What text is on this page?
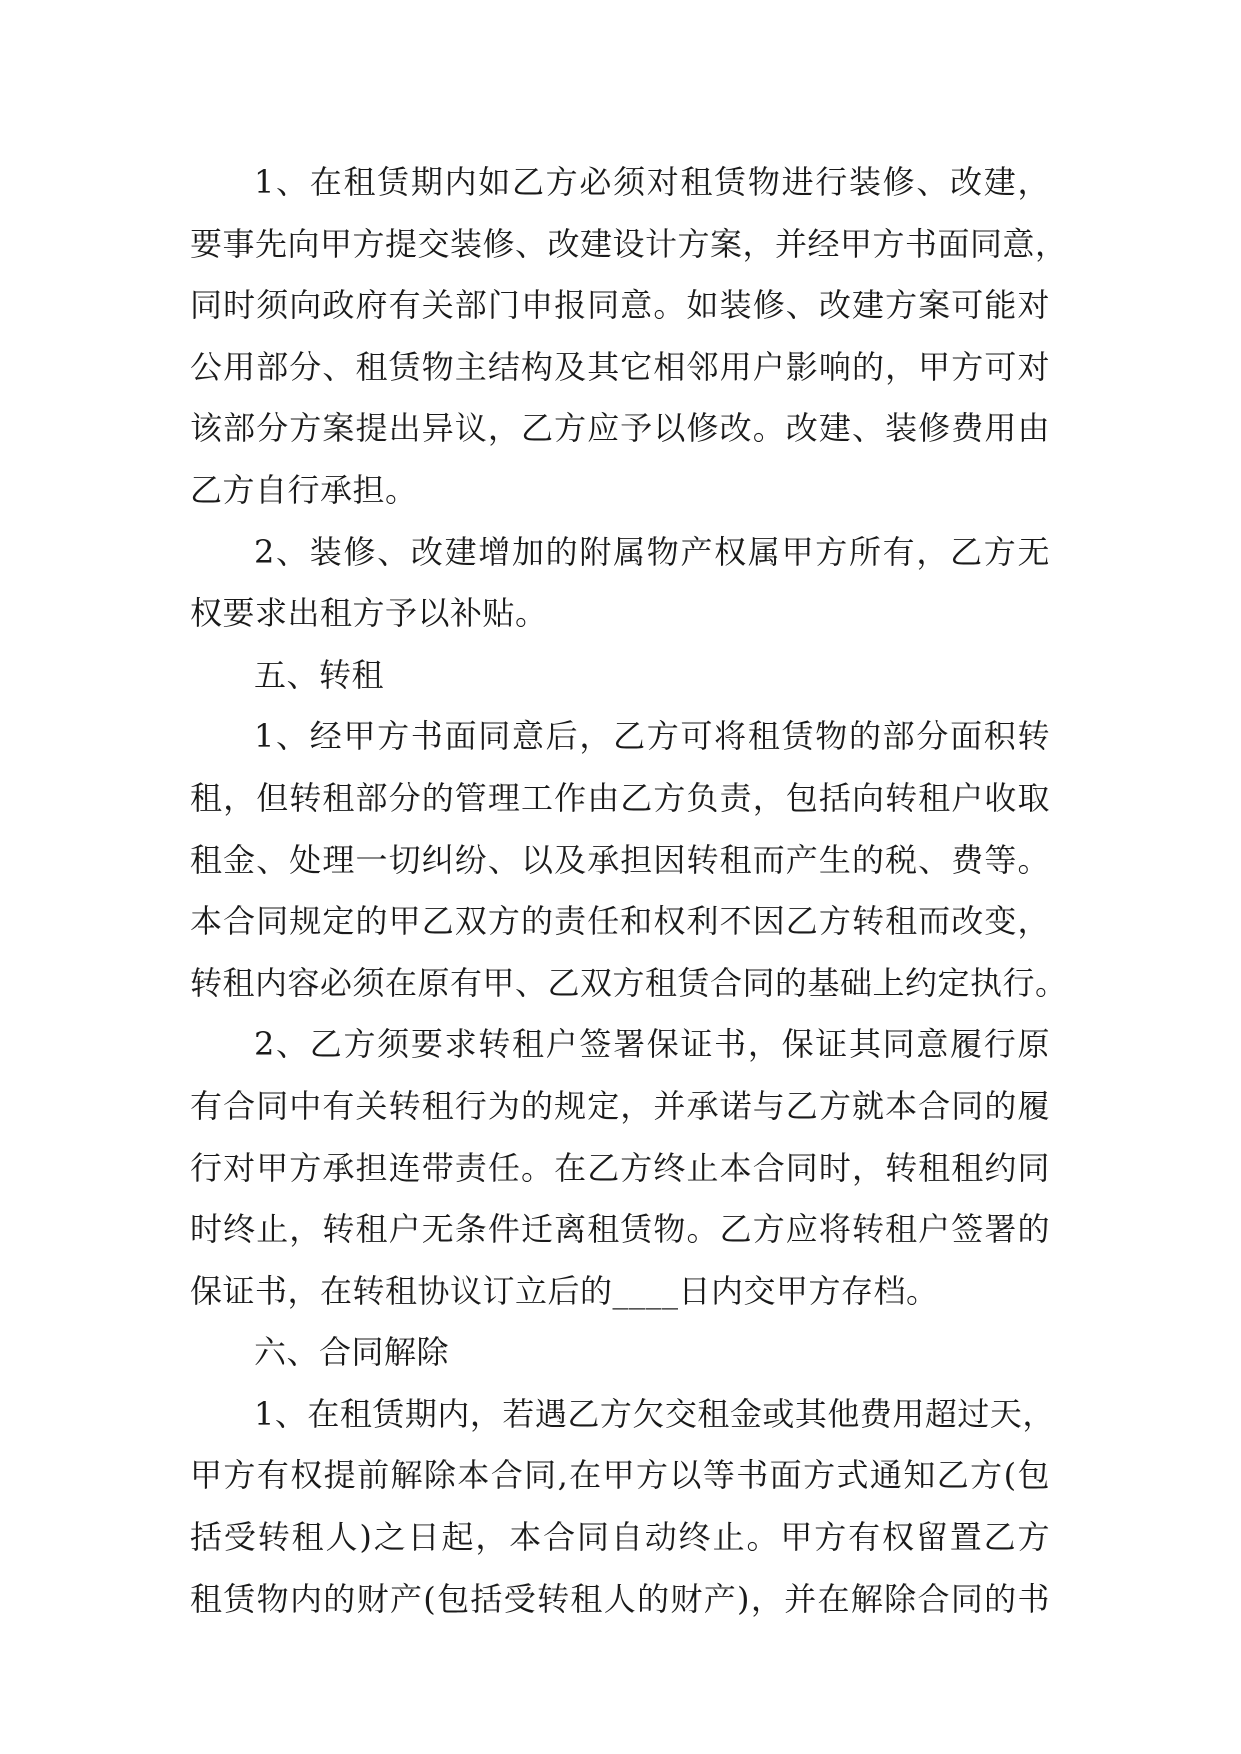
1、在租赁期内如乙方必须对租赁物进行装修、改建，
要事先向甲方提交装修、改建设计方案，并经甲方书面同意，
同时须向政府有关部门申报同意。如装修、改建方案可能对
公用部分、租赁物主结构及其它相邻用户影响的，甲方可对
该部分方案提出异议，乙方应予以修改。改建、装修费用由
乙方自行承担。
2、装修、改建增加的附属物产权属甲方所有，乙方无
权要求出租方予以补贴。
五、转租
1、经甲方书面同意后，乙方可将租赁物的部分面积转
租，但转租部分的管理工作由乙方负责，包括向转租户收取
租金、处理一切纠纷、以及承担因转租而产生的税、费等。
本合同规定的甲乙双方的责任和权利不因乙方转租而改变，
转租内容必须在原有甲、乙双方租赁合同的基础上约定执行。
2、乙方须要求转租户签署保证书，保证其同意履行原
有合同中有关转租行为的规定，并承诺与乙方就本合同的履
行对甲方承担连带责任。在乙方终止本合同时，转租租约同
时终止，转租户无条件迁离租赁物。乙方应将转租户签署的
保证书，在转租协议订立后的____日内交甲方存档。
六、合同解除
1、在租赁期内，若遇乙方欠交租金或其他费用超过天，
甲方有权提前解除本合同,在甲方以等书面方式通知乙方(包
括受转租人)之日起，本合同自动终止。甲方有权留置乙方
租赁物内的财产(包括受转租人的财产)，并在解除合同的书
